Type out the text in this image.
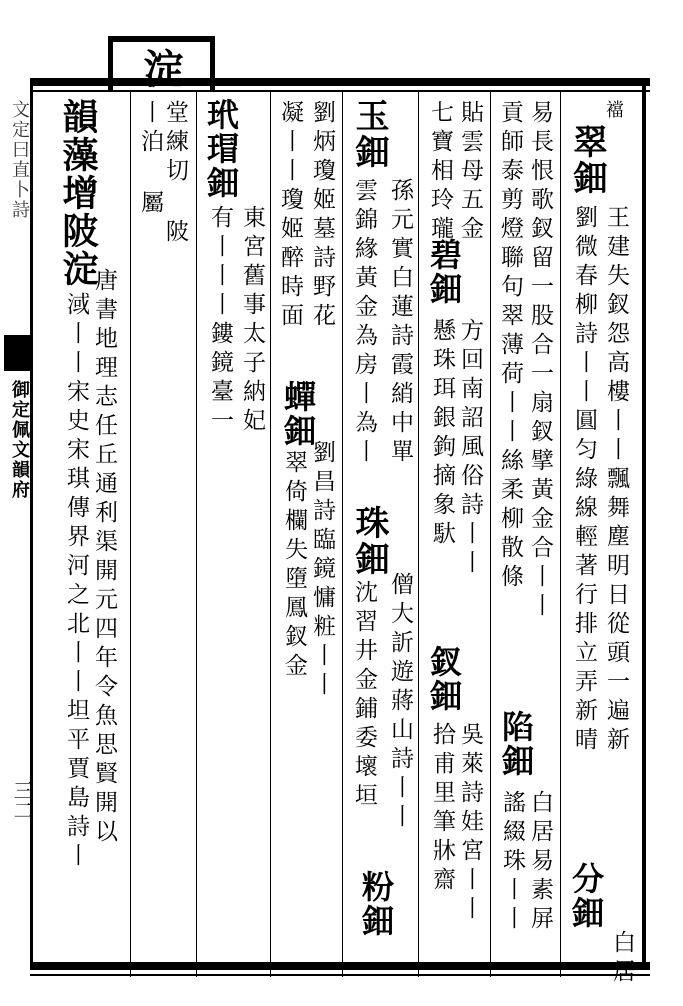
文定曰直卜詩
御定佩文韻府
三二
淀
韻藻增陂淀
淢丨丨宋史宋琪傳界河之北丨丨坦平賈島詩丨 唐書地理志任丘通利渠開元四年令魚思賢開以
堂練切 陂
丨泊 屬 玳瑁鈿
有丨丨丨鏤鏡臺一 東宮舊事太子納妃 凝丨丨瓊姬醉時面
蟬鈿
翠倚欄失墮鳳釵金
劉炳瓊姬墓詩野花
劉昌詩臨鏡慵粧丨丨
玉鈿
雲錦緣黃金為房丨為丨 孫元實白蓮詩霞綃中單
珠鈿
僧大訢遊蔣山詩丨丨
沈習井金鋪委壞垣
粉鈿
七寶相玲瓏 貼雲母五金
碧鈿
方回南詔風俗詩丨丨
懸珠珥銀鉤摘象馱
釵鈿
吳萊詩娃宮丨丨
拾甫里筆牀齋
易長恨歌釵留一股合一扇釵擘黃金合丨丨
貢師泰剪燈聯句翠薄荷丨丨絲柔柳散條
陷鈿
白居易素屏
謠綴珠丨丨
襠
翠鈿
王建失釵怨高樓丨丨飄舞塵明日從頭一遍新
劉微春柳詩丨丨圓匀綠線輕著行排立弄新晴
分鈿
白居
